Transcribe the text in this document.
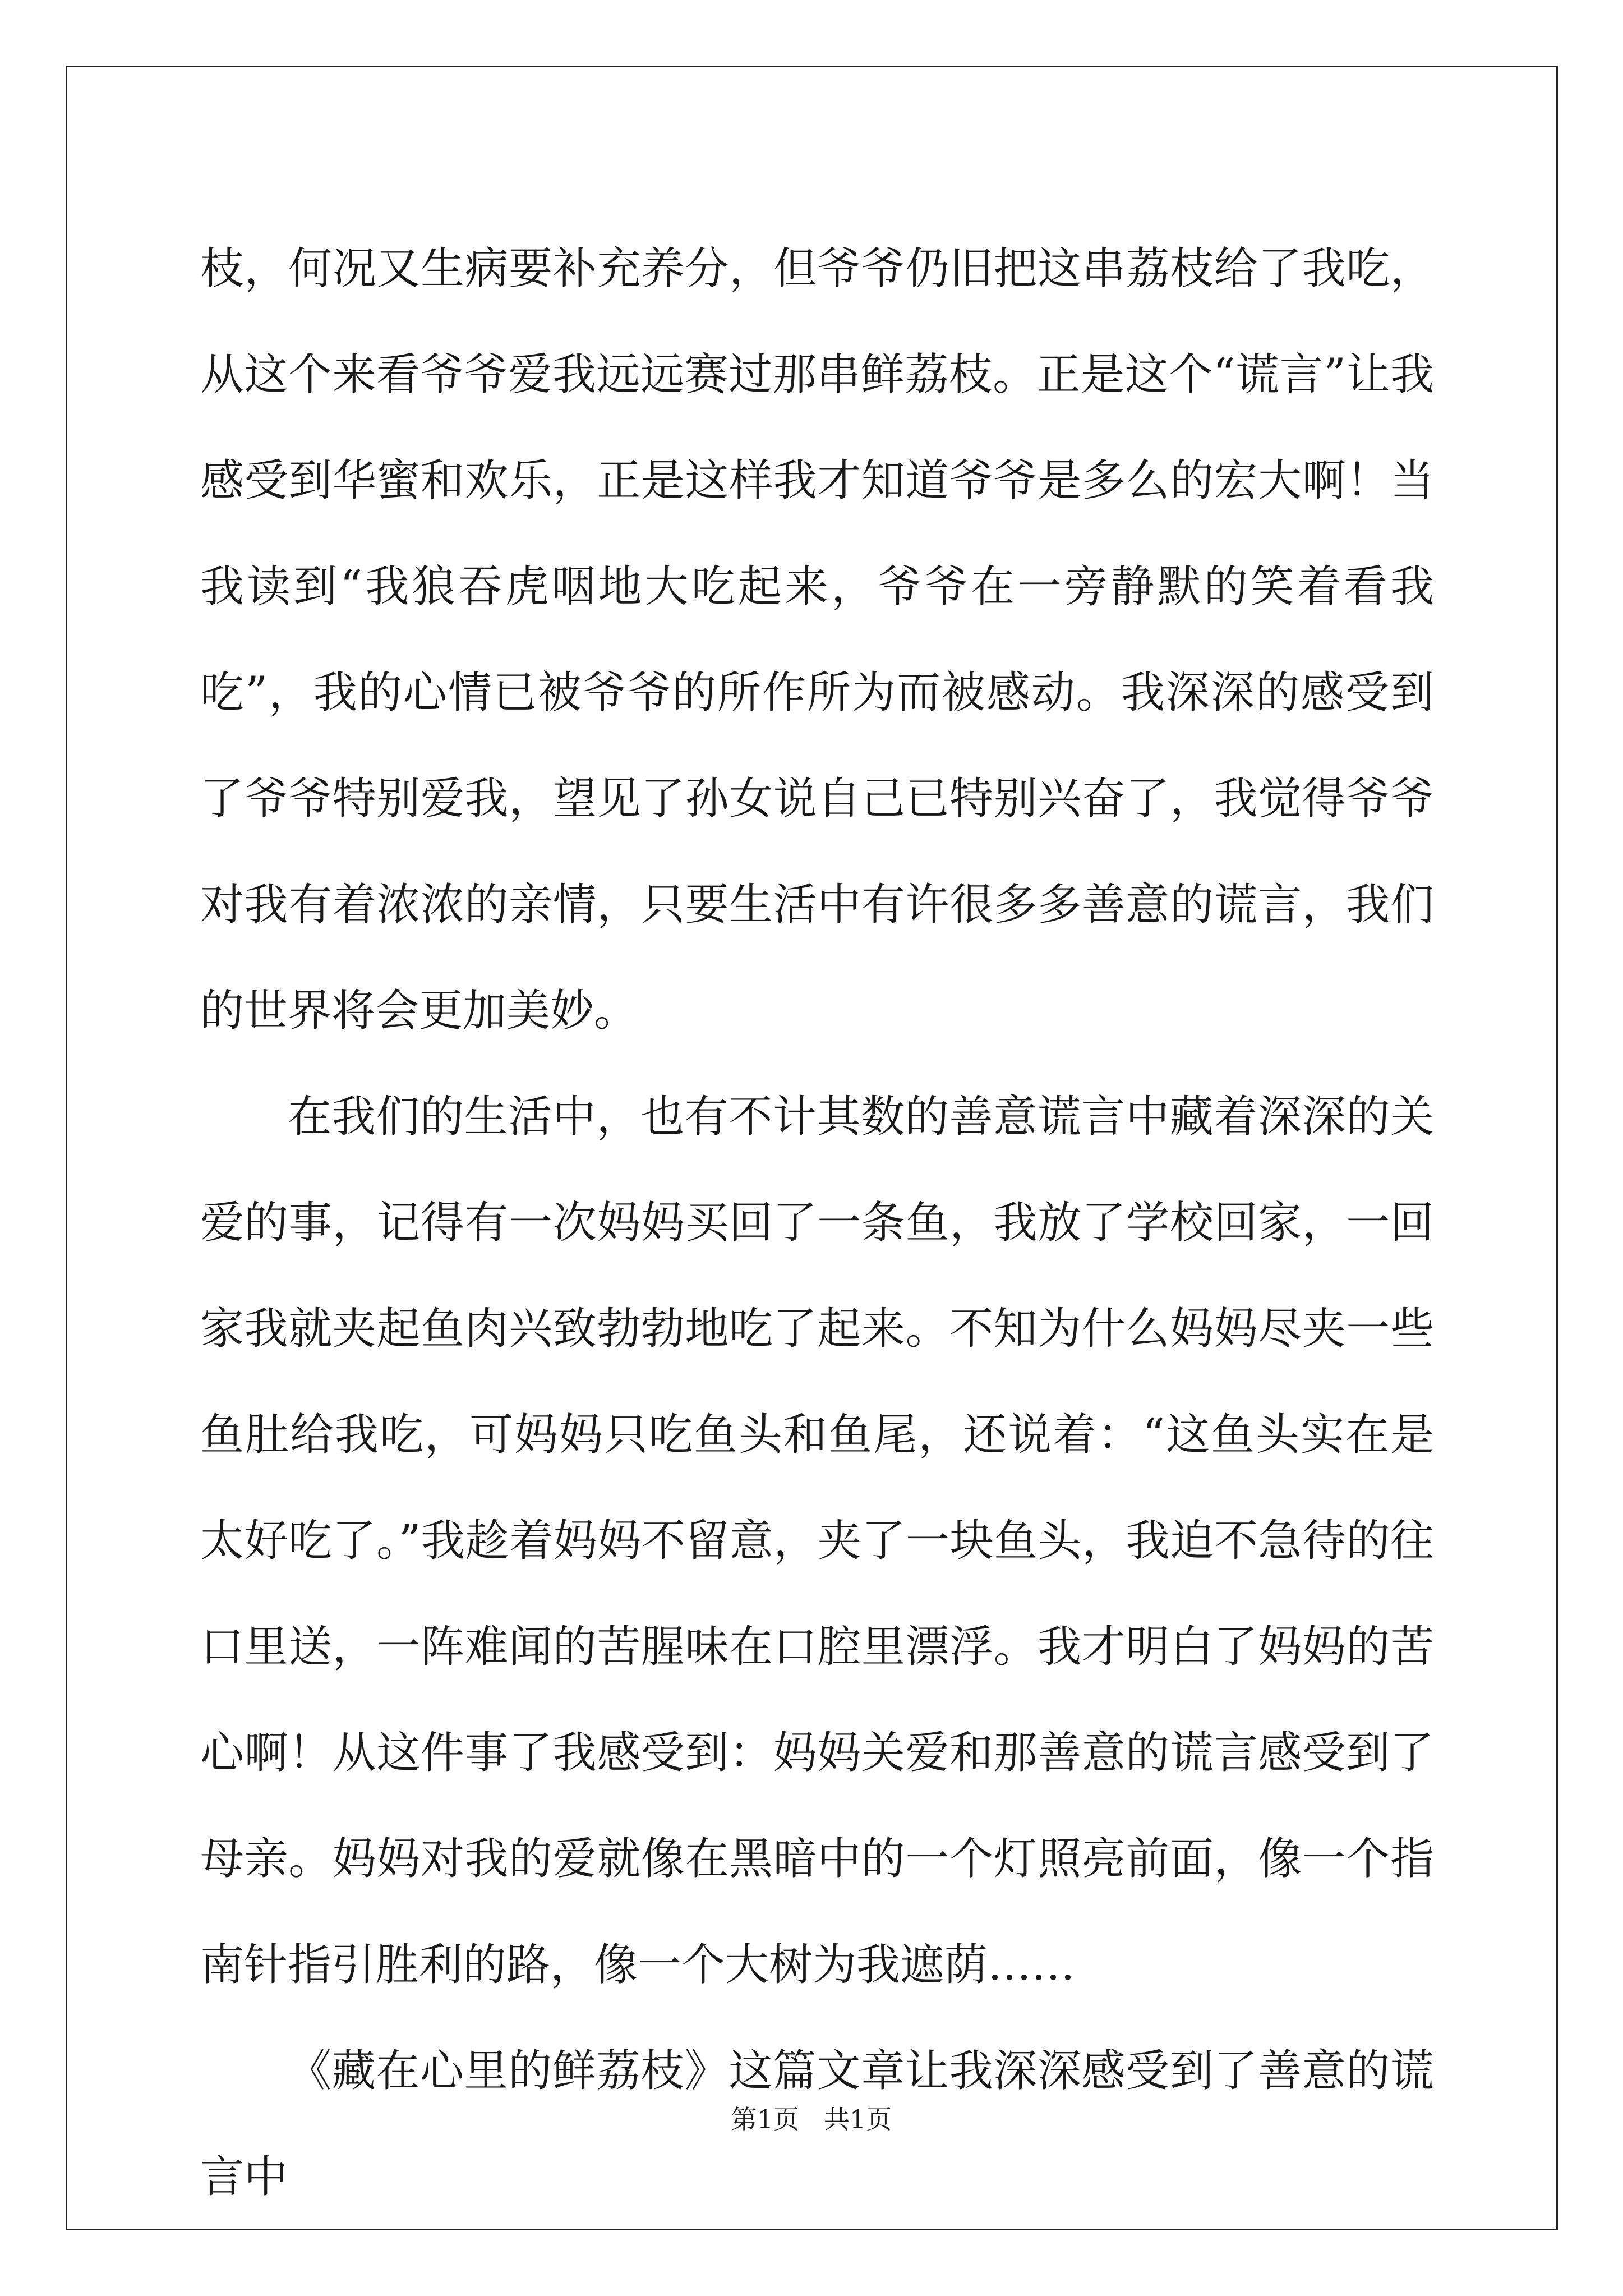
枝，何况又生病要补充养分，但爷爷仍旧把这串荔枝给了我吃，从这个来看爷爷爱我远远赛过那串鲜荔枝。正是这个“谎言”让我感受到华蜜和欢乐，正是这样我才知道爷爷是多么的宏大啊！当我读到“我狼吞虎咽地大吃起来，爷爷在一旁静默的笑着看我吃”，我的心情已被爷爷的所作所为而被感动。我深深的感受到了爷爷特别爱我，望见了孙女说自己已特别兴奋了，我觉得爷爷对我有着浓浓的亲情，只要生活中有许很多多善意的谎言，我们的世界将会更加美妙。

在我们的生活中，也有不计其数的善意谎言中藏着深深的关爱的事，记得有一次妈妈买回了一条鱼，我放了学校回家，一回家我就夹起鱼肉兴致勃勃地吃了起来。不知为什么妈妈尽夹一些鱼肚给我吃，可妈妈只吃鱼头和鱼尾，还说着：“这鱼头实在是太好吃了。”我趁着妈妈不留意，夹了一块鱼头，我迫不急待的往口里送，一阵难闻的苦腥味在口腔里漂浮。我才明白了妈妈的苦心啊！从这件事了我感受到：妈妈关爱和那善意的谎言感受到了母亲。妈妈对我的爱就像在黑暗中的一个灯照亮前面，像一个指南针指引胜利的路，像一个大树为我遮荫……

《藏在心里的鲜荔枝》这篇文章让我深深感受到了善意的谎言中

第1页 共1页
